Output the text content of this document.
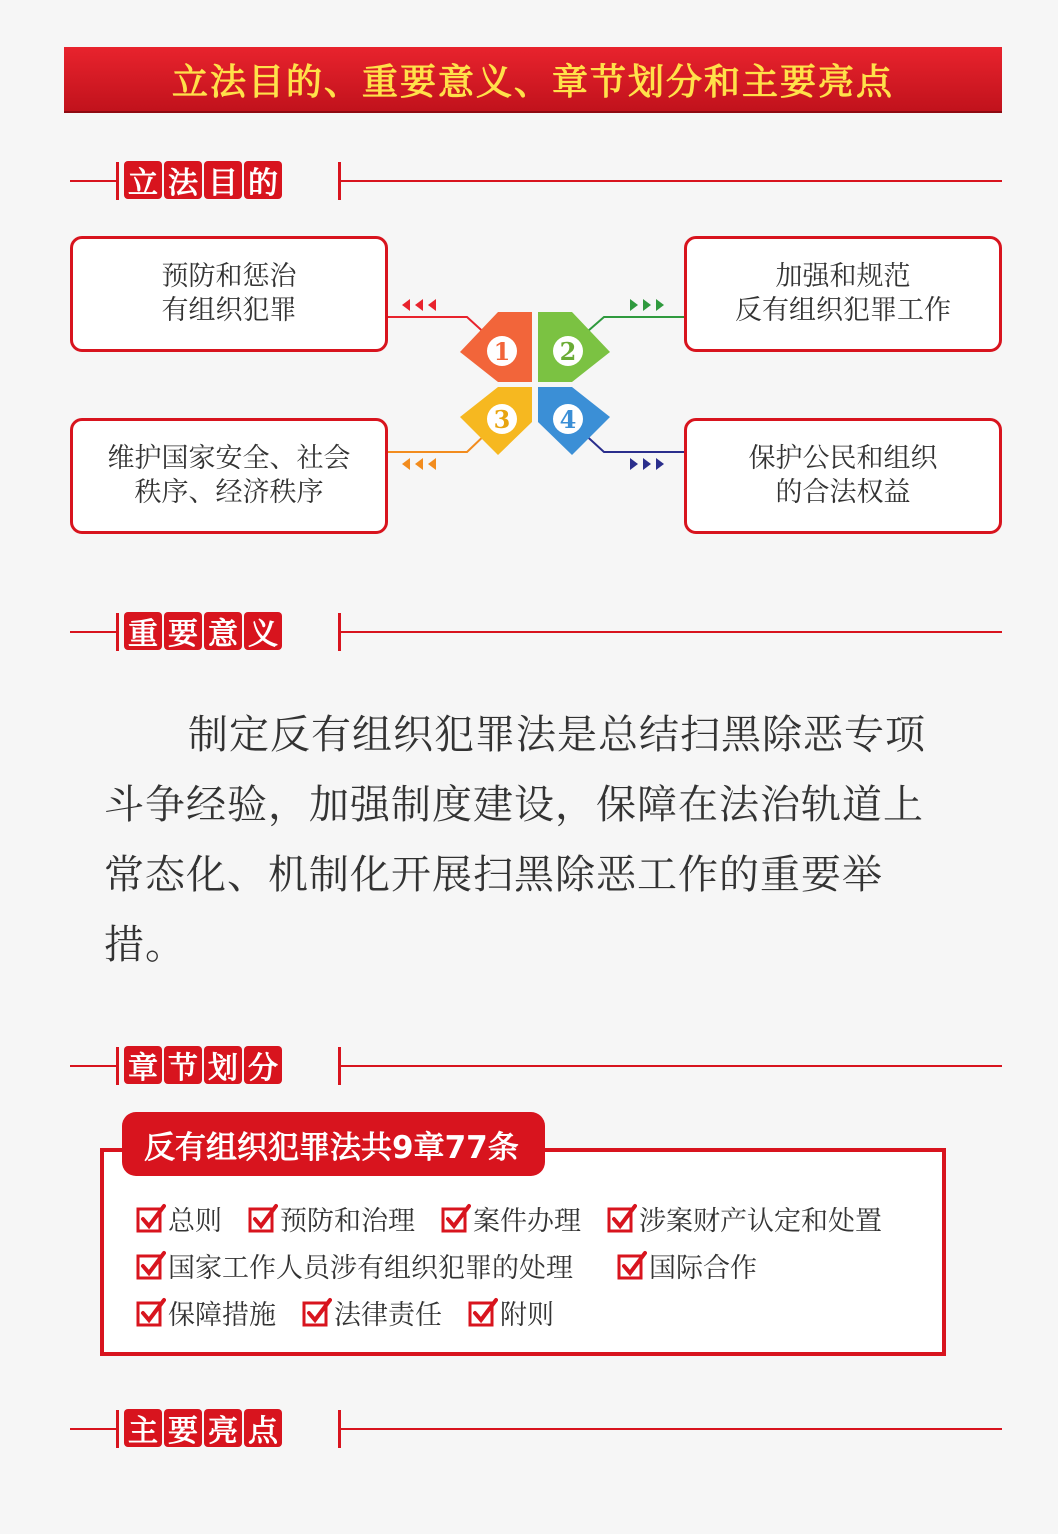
立法目的、重要意义、章节划分和主要亮点
立 法 目 的
1 2
3 4
预防和惩治
有组织犯罪
加强和规范
反有组织犯罪工作
维护国家安全、社会
秩序、经济秩序
保护公民和组织
的合法权益
重 要 意 义

制定反有组织犯罪法是总结扫黑除恶专项斗争经验，加强制度建设，保障在法治轨道上常态化、机制化开展扫黑除恶工作的重要举措。

章 节 划 分
反有组织犯罪法共9章77条
总则 预防和治理 案件办理 涉案财产认定和处置
国家工作人员涉有组织犯罪的处理	国际合作
保障措施 法律责任 附则
主 要 亮 点
